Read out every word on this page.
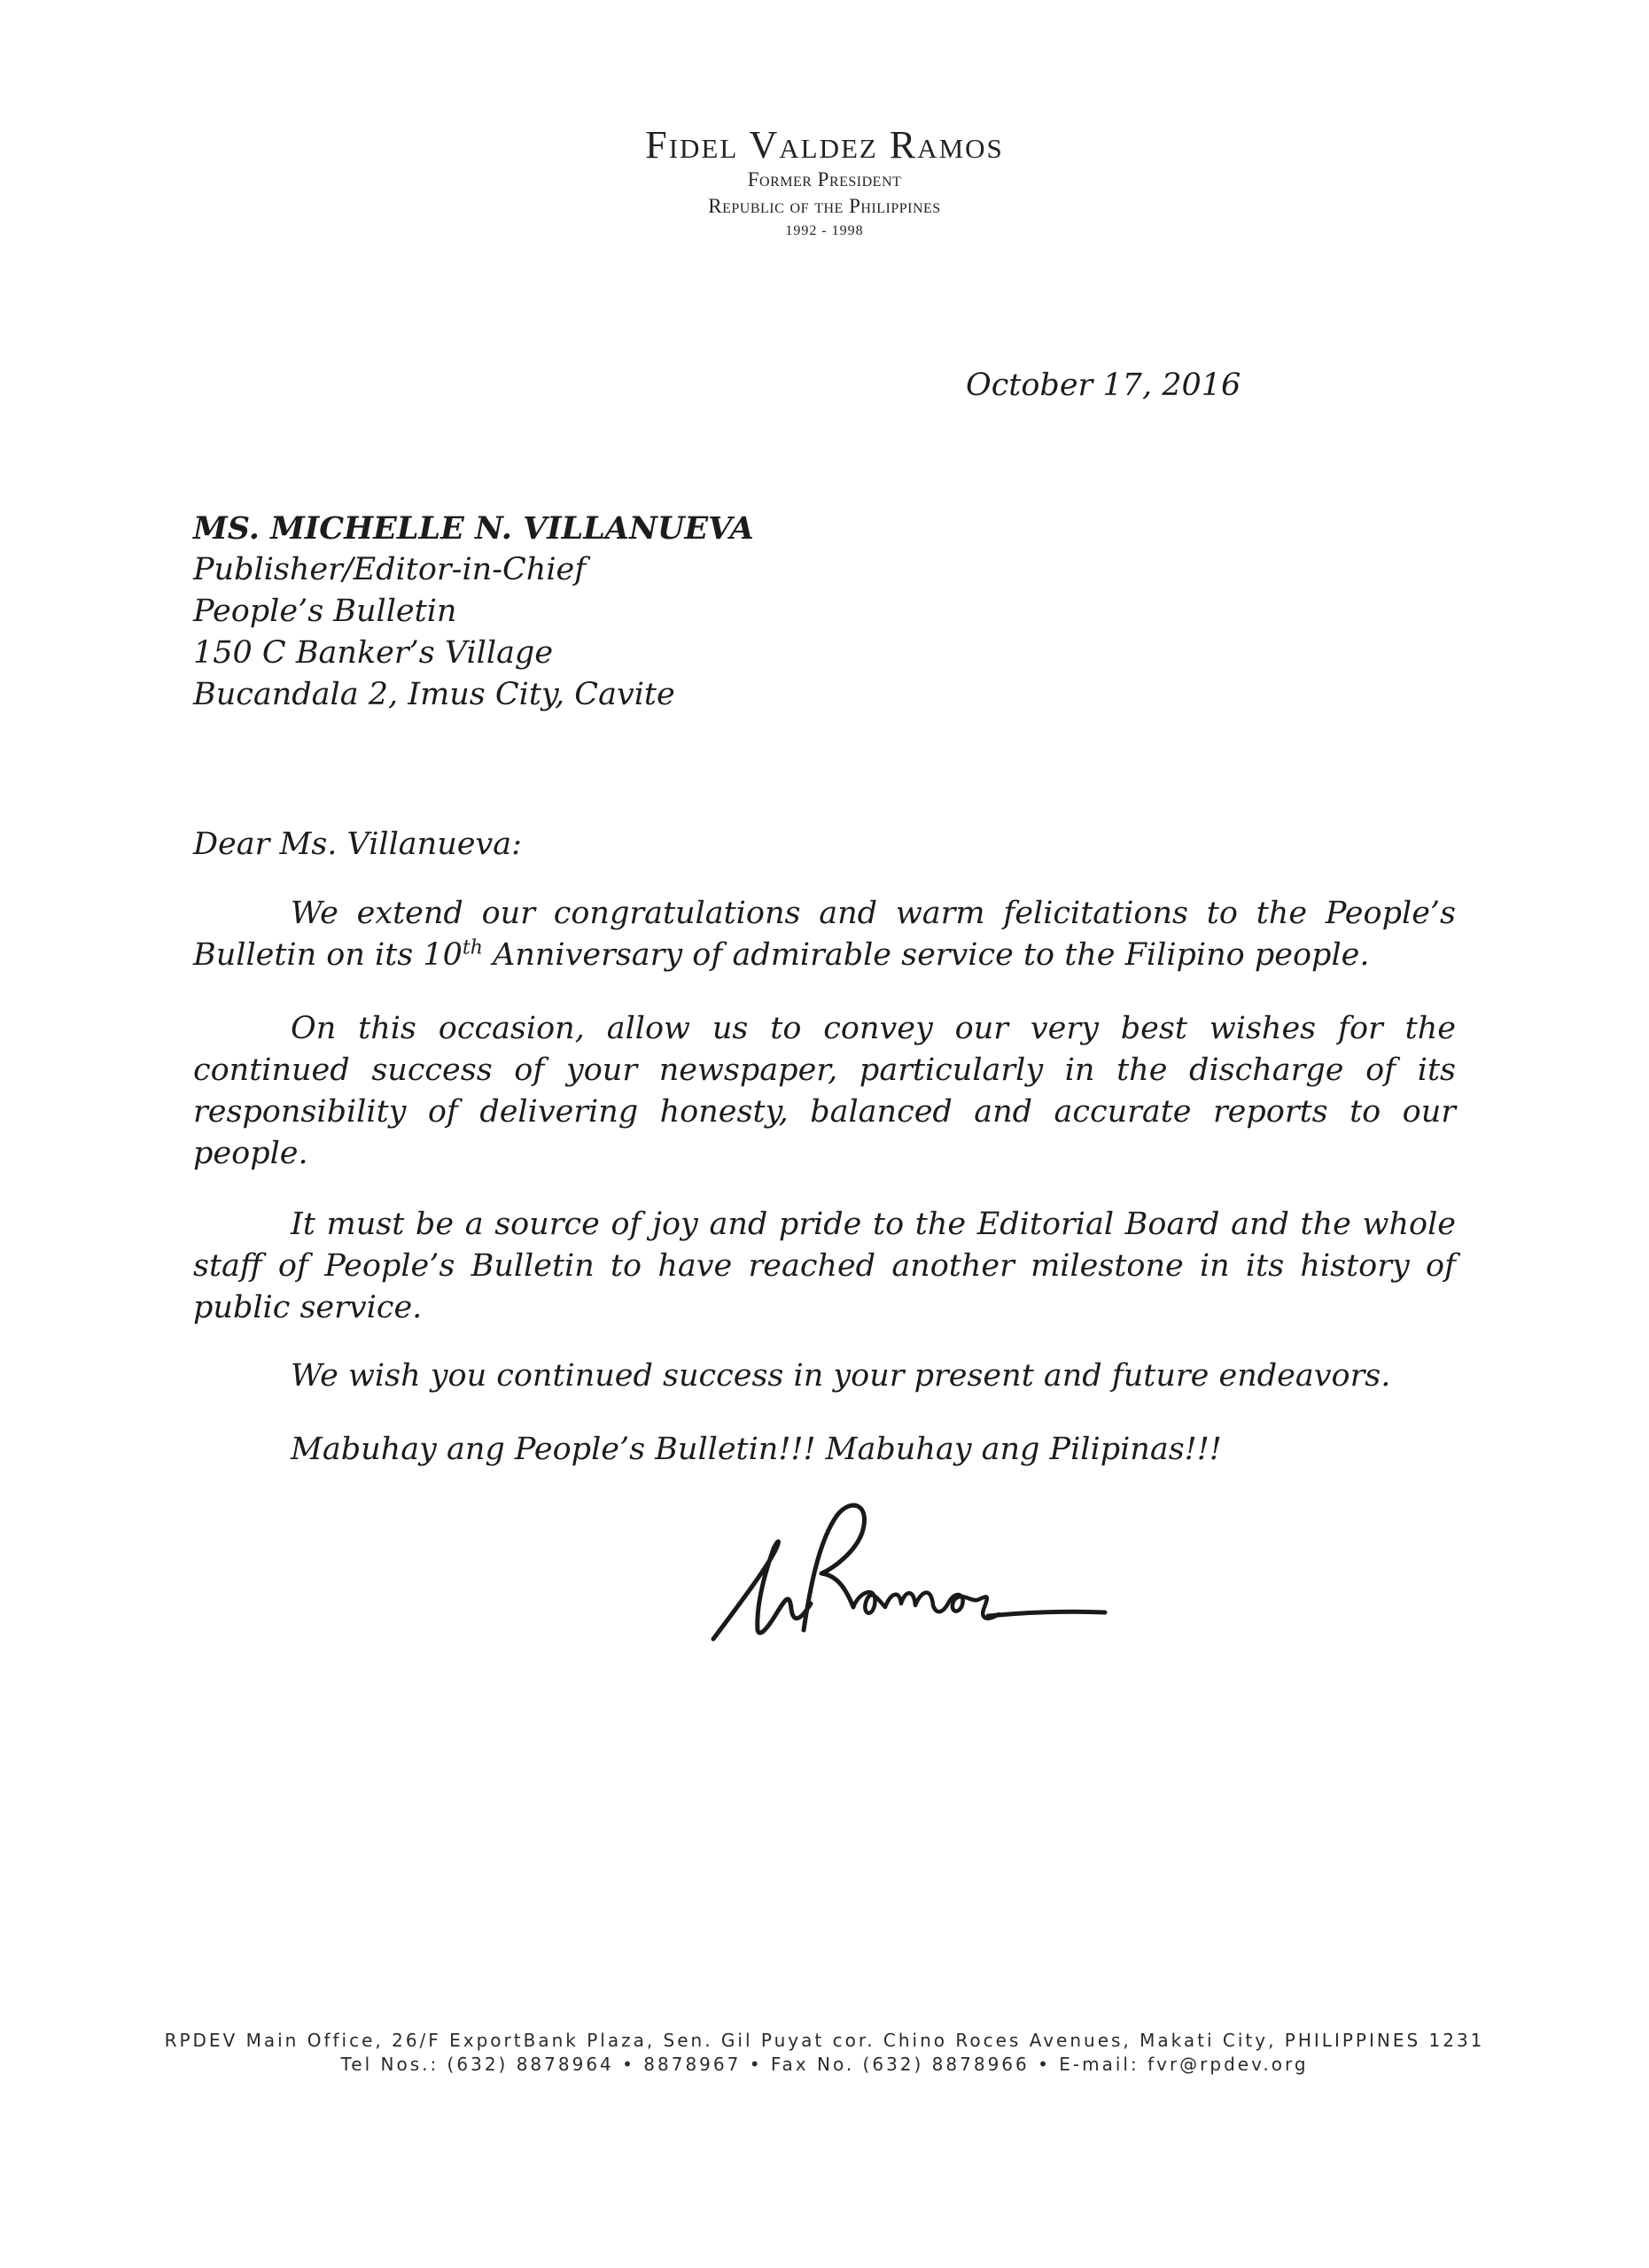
Fidel Valdez Ramos
Former President
Republic of the Philippines
1992 - 1998

October 17, 2016

MS. MICHELLE N. VILLANUEVA
Publisher/Editor-in-Chief
People’s Bulletin
150 C Banker’s Village
Bucandala 2, Imus City, Cavite

Dear Ms. Villanueva:

We extend our congratulations and warm felicitations to the People’s Bulletin on its 10th Anniversary of admirable service to the Filipino people.

On this occasion, allow us to convey our very best wishes for the continued success of your newspaper, particularly in the discharge of its responsibility of delivering honesty, balanced and accurate reports to our people.

It must be a source of joy and pride to the Editorial Board and the whole staff of People’s Bulletin to have reached another milestone in its history of public service.

We wish you continued success in your present and future endeavors.

Mabuhay ang People’s Bulletin!!! Mabuhay ang Pilipinas!!!

RPDEV Main Office, 26/F ExportBank Plaza, Sen. Gil Puyat cor. Chino Roces Avenues, Makati City, PHILIPPINES 1231
Tel Nos.: (632) 8878964 • 8878967 • Fax No. (632) 8878966 • E-mail: fvr@rpdev.org
